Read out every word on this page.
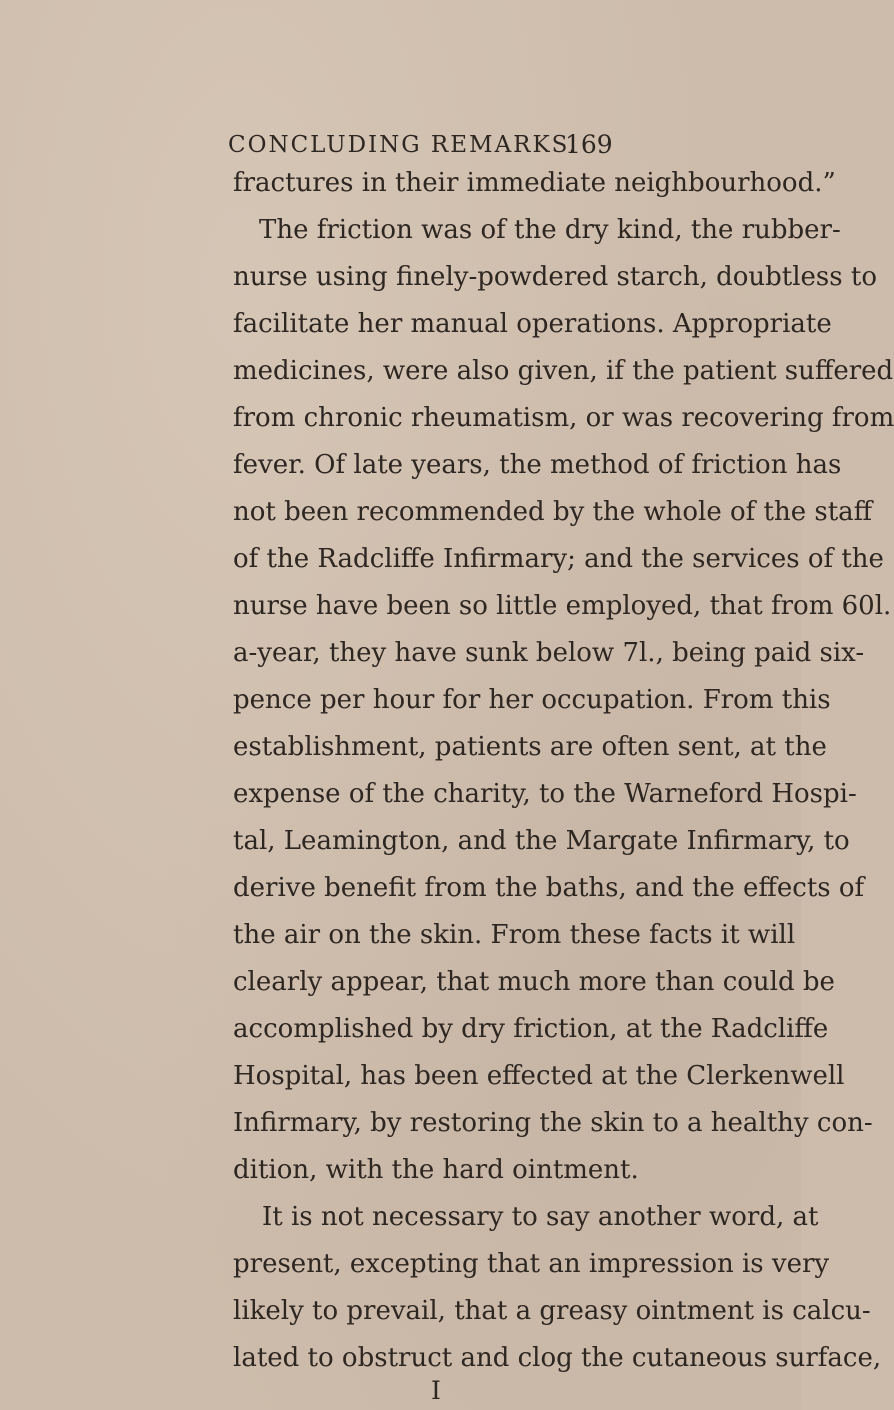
CONCLUDING REMARKS.
169
fractures in their immediate neighbourhood.”
The friction was of the dry kind, the rubber-
nurse using finely-powdered starch, doubtless to
facilitate her manual operations. Appropriate
medicines, were also given, if the patient suffered
from chronic rheumatism, or was recovering from
fever. Of late years, the method of friction has
not been recommended by the whole of the staff
of the Radcliffe Infirmary; and the services of the
nurse have been so little employed, that from 60l.
a-year, they have sunk below 7l., being paid six-
pence per hour for her occupation. From this
establishment, patients are often sent, at the
expense of the charity, to the Warneford Hospi-
tal, Leamington, and the Margate Infirmary, to
derive benefit from the baths, and the effects of
the air on the skin. From these facts it will
clearly appear, that much more than could be
accomplished by dry friction, at the Radcliffe
Hospital, has been effected at the Clerkenwell
Infirmary, by restoring the skin to a healthy con-
dition, with the hard ointment.
It is not necessary to say another word, at
present, excepting that an impression is very
likely to prevail, that a greasy ointment is calcu-
lated to obstruct and clog the cutaneous surface,
I
